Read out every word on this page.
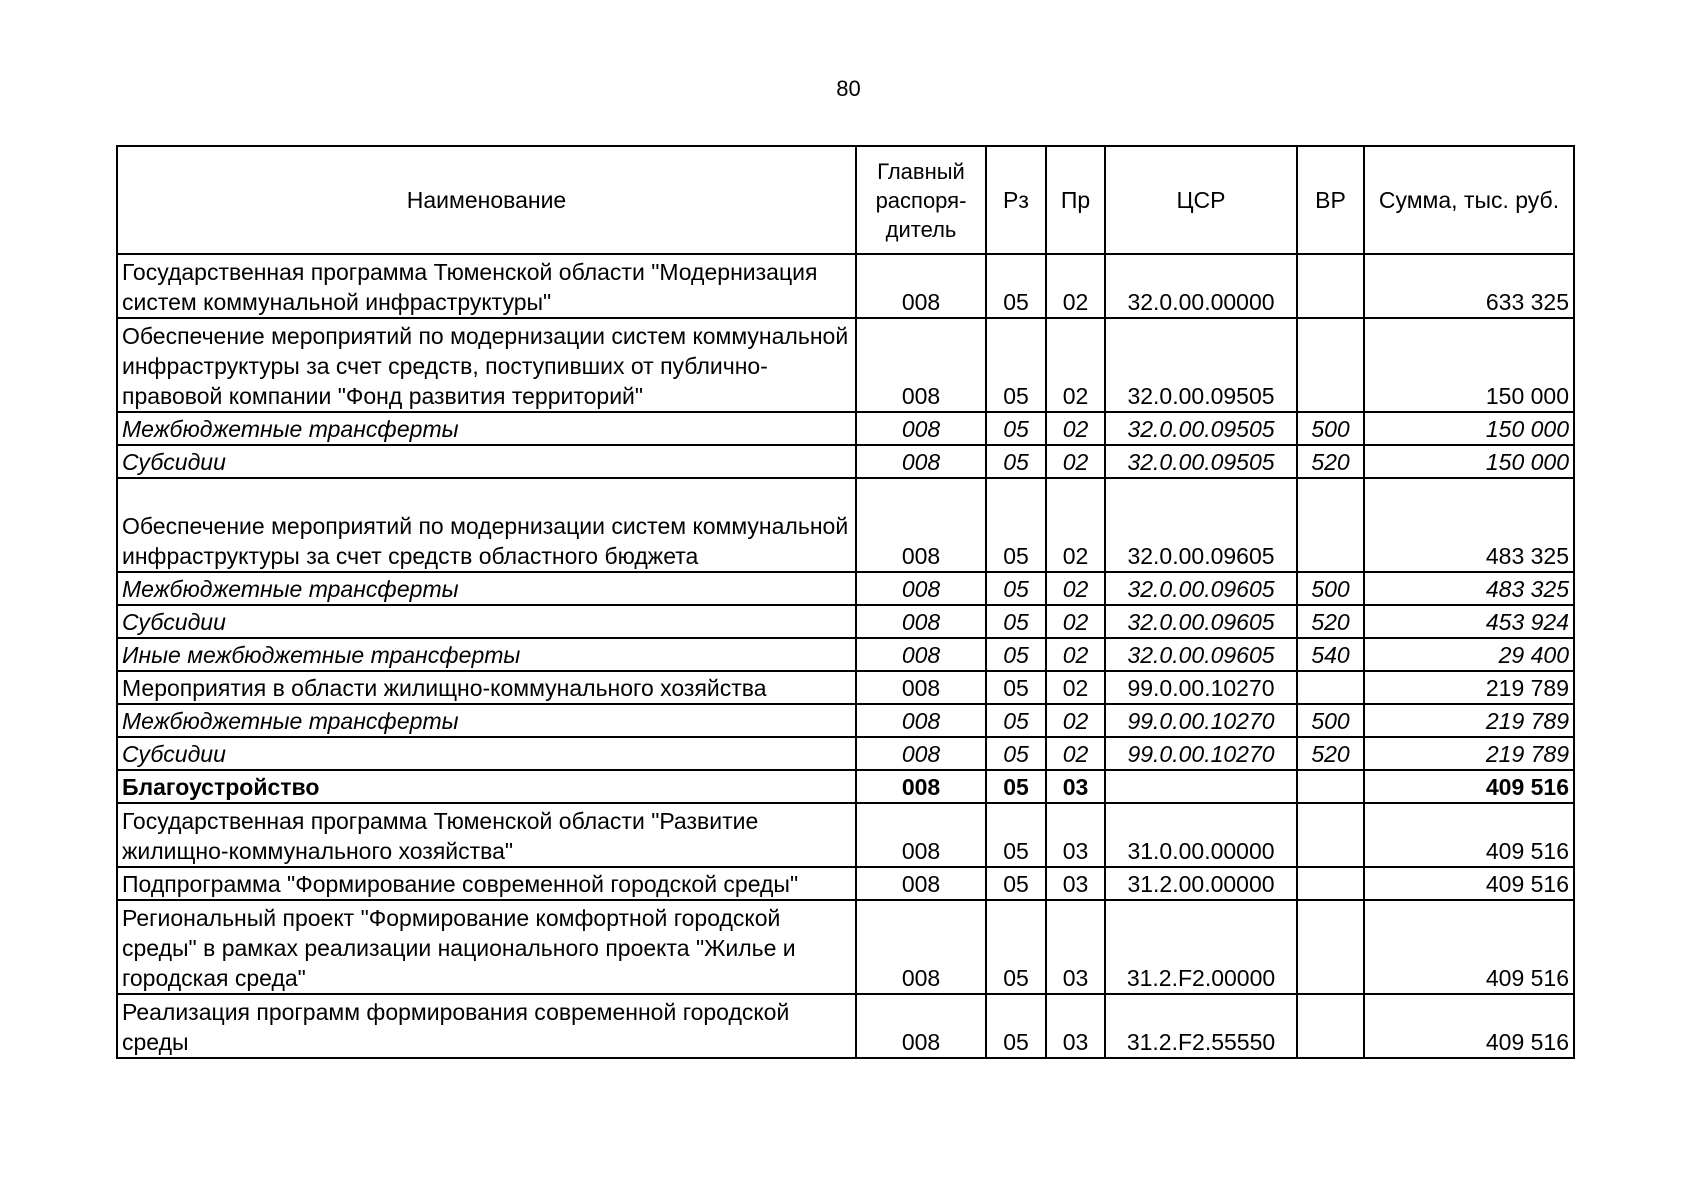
80
Наименование	Главный распоря-дитель	Рз	Пр	ЦСР	ВР	Сумма, тыс. руб.
Государственная программа Тюменской области "Модернизация систем коммунальной инфраструктуры"	008	05	02	32.0.00.00000		633 325
Обеспечение мероприятий по модернизации систем коммунальной инфраструктуры за счет средств, поступивших от публично-правовой компании "Фонд развития территорий"	008	05	02	32.0.00.09505		150 000
Межбюджетные трансферты	008	05	02	32.0.00.09505	500	150 000
Субсидии	008	05	02	32.0.00.09505	520	150 000
Обеспечение мероприятий по модернизации систем коммунальной инфраструктуры за счет средств областного бюджета	008	05	02	32.0.00.09605		483 325
Межбюджетные трансферты	008	05	02	32.0.00.09605	500	483 325
Субсидии	008	05	02	32.0.00.09605	520	453 924
Иные межбюджетные трансферты	008	05	02	32.0.00.09605	540	29 400
Мероприятия в области жилищно-коммунального хозяйства	008	05	02	99.0.00.10270		219 789
Межбюджетные трансферты	008	05	02	99.0.00.10270	500	219 789
Субсидии	008	05	02	99.0.00.10270	520	219 789
Благоустройство	008	05	03			409 516
Государственная программа Тюменской области "Развитие жилищно-коммунального хозяйства"	008	05	03	31.0.00.00000		409 516
Подпрограмма "Формирование современной городской среды"	008	05	03	31.2.00.00000		409 516
Региональный проект "Формирование комфортной городской среды" в рамках реализации национального проекта "Жилье и городская среда"	008	05	03	31.2.F2.00000		409 516
Реализация программ формирования современной городской среды	008	05	03	31.2.F2.55550		409 516
